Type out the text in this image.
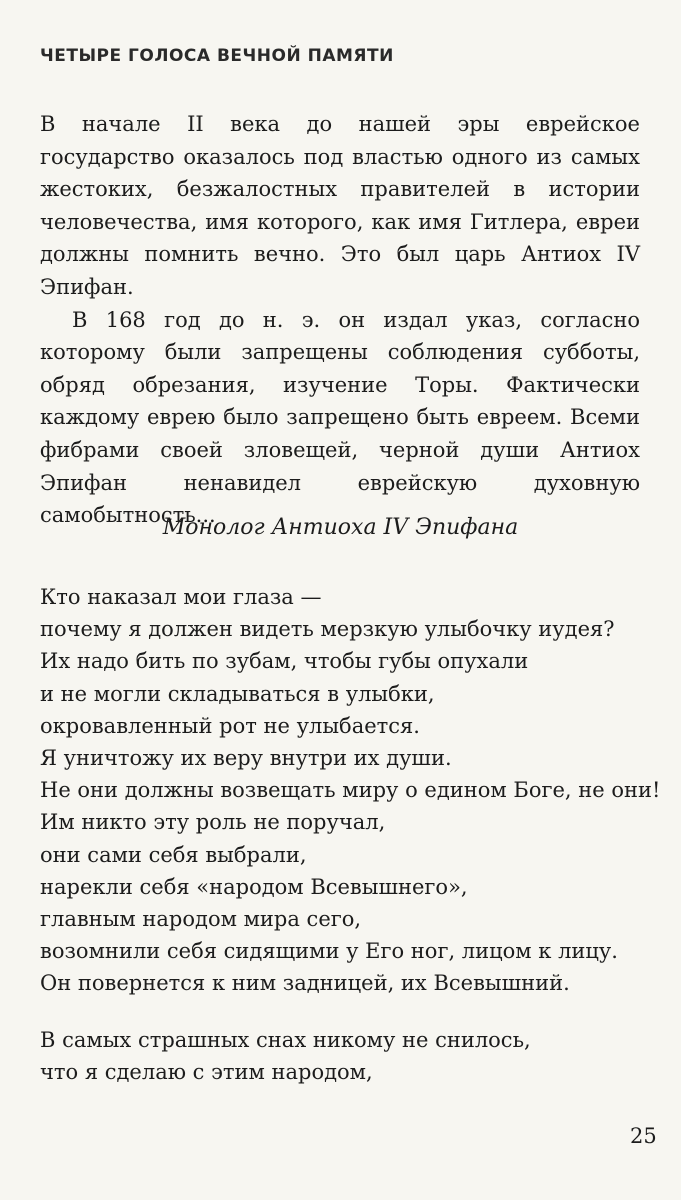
ЧЕТЫРЕ ГОЛОСА ВЕЧНОЙ ПАМЯТИ

В начале II века до нашей эры еврейское государство оказалось под властью одного из самых жестоких, безжалостных правителей в истории человечества, имя которого, как имя Гитлера, евреи должны помнить вечно. Это был царь Антиох IV Эпифан.

В 168 год до н. э. он издал указ, согласно которому были запрещены соблюдения субботы, обряд обрезания, изучение Торы. Фактически каждому еврею было запрещено быть евреем. Всеми фибрами своей зловещей, черной души Антиох Эпифан ненавидел еврейскую духовную самобытность...

Монолог Антиоха IV Эпифана
Кто наказал мои глаза —
почему я должен видеть мерзкую улыбочку иудея?
Их надо бить по зубам, чтобы губы опухали
и не могли складываться в улыбки,
окровавленный рот не улыбается.
Я уничтожу их веру внутри их души.
Не они должны возвещать миру о едином Боге, не они!
Им никто эту роль не поручал,
они сами себя выбрали,
нарекли себя «народом Всевышнего»,
главным народом мира сего,
возомнили себя сидящими у Его ног, лицом к лицу.
Он повернется к ним задницей, их Всевышний.
В самых страшных снах никому не снилось,
что я сделаю с этим народом,
25
